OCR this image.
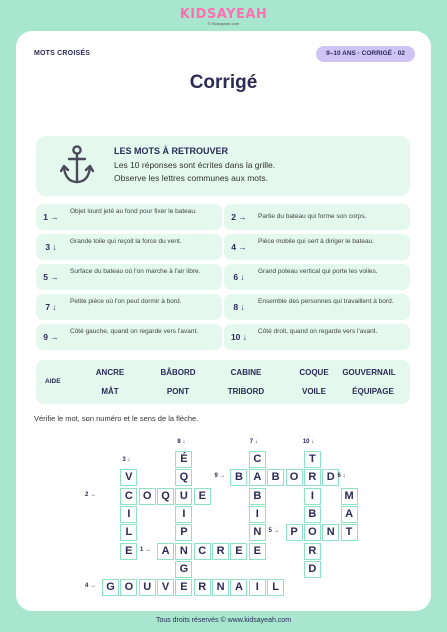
KIDSAYEAH
© Kidsayeah.com
MOTS CROISÉS	9–10 ANS · CORRIGÉ · 02
Corrigé
LES MOTS À RETROUVER
Les 10 réponses sont écrites dans la grille.
Observe les lettres communes aux mots.
1 →
Objet lourd jeté au fond pour fixer le bateau.
2 →	Partie du bateau qui forme son corps.
3 ↓
Grande toile qui reçoit la force du vent.
4 →
Pièce mobile qui sert à diriger le bateau.
5 →
Surface du bateau où l'on marche à l'air libre.
6 ↓
Grand poteau vertical qui porte les voiles.
7 ↓
Petite pièce où l'on peut dormir à bord.
8 ↓
Ensemble des personnes qui travaillent à bord.
9 →
Côté gauche, quand on regarde vers l'avant.
10 ↓
Côté droit, quand on regarde vers l'avant.
AIDE
ANCRE	BÂBORD	CABINE	COQUE	GOUVERNAIL
MÂT	PONT	TRIBORD	VOILE	ÉQUIPAGE
Vérifie le mot, son numéro et le sens de la flèche.
É
Q
U
I
P
N
G
E
C
A
B
I
N
E
T
R
I
B
O
R
D
V
C
I
L
E
B	B O	D
M
A
T
O Q	E
P	N
A	C R E
G O U V	R N A	I	L
8 ↓	7 ↓	10 ↓
3 ↓
9 →	6 ↓
2 →
5 →
1 →
4 →
Tous droits réservés © www.kidsayeah.com
